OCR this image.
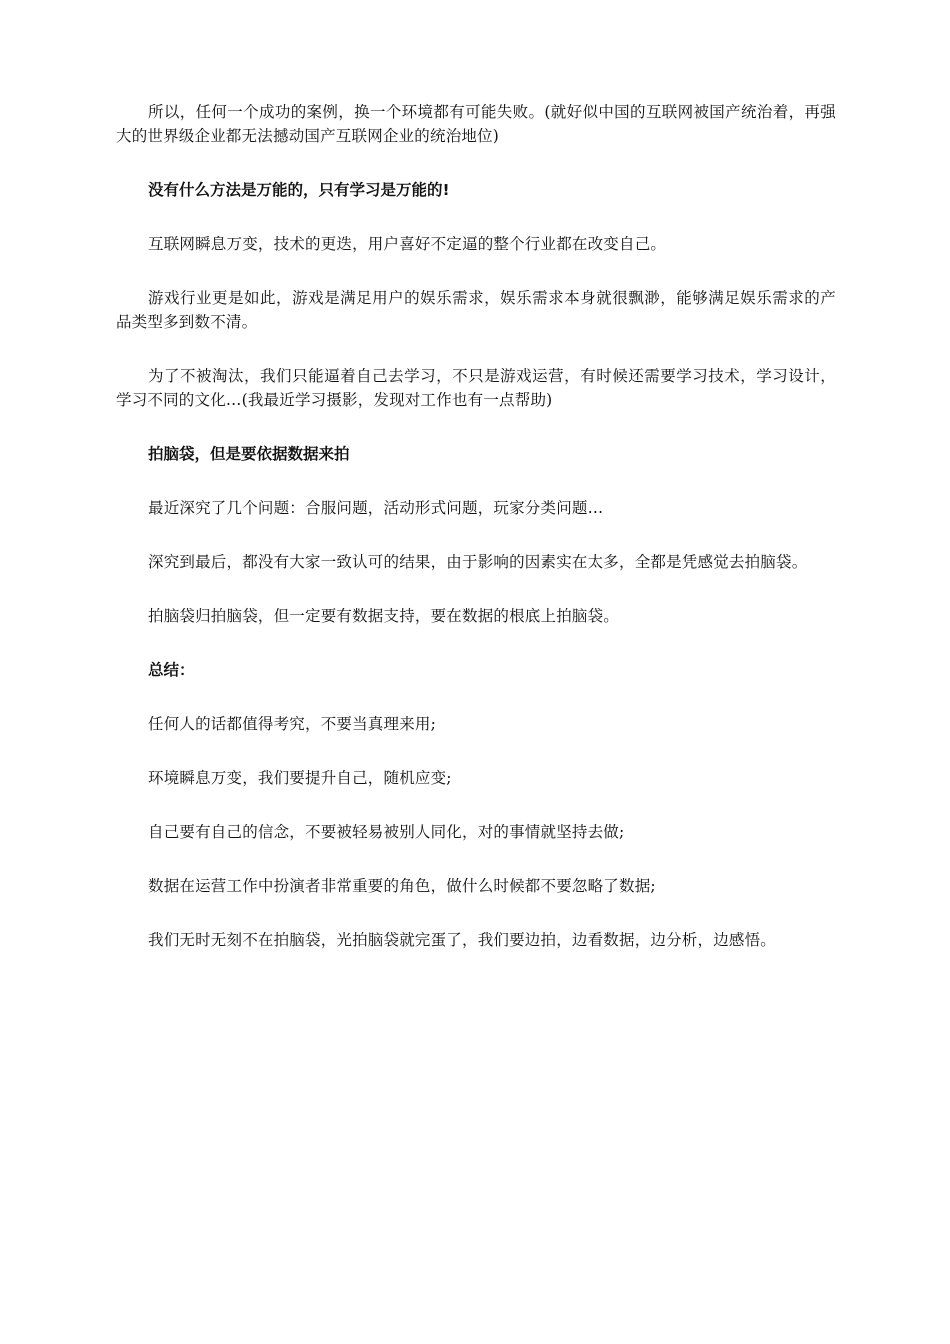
所以，任何一个成功的案例，换一个环境都有可能失败。(就好似中国的互联网被国产统治着，再强大的世界级企业都无法撼动国产互联网企业的统治地位)

没有什么方法是万能的，只有学习是万能的!

互联网瞬息万变，技术的更迭，用户喜好不定逼的整个行业都在改变自己。

游戏行业更是如此，游戏是满足用户的娱乐需求，娱乐需求本身就很飘渺，能够满足娱乐需求的产品类型多到数不清。

为了不被淘汰，我们只能逼着自己去学习，不只是游戏运营，有时候还需要学习技术，学习设计，学习不同的文化…(我最近学习摄影，发现对工作也有一点帮助)

拍脑袋，但是要依据数据来拍

最近深究了几个问题：合服问题，活动形式问题，玩家分类问题…

深究到最后，都没有大家一致认可的结果，由于影响的因素实在太多，全都是凭感觉去拍脑袋。

拍脑袋归拍脑袋，但一定要有数据支持，要在数据的根底上拍脑袋。

总结：

任何人的话都值得考究，不要当真理来用;

环境瞬息万变，我们要提升自己，随机应变;

自己要有自己的信念，不要被轻易被别人同化，对的事情就坚持去做;

数据在运营工作中扮演者非常重要的角色，做什么时候都不要忽略了数据;

我们无时无刻不在拍脑袋，光拍脑袋就完蛋了，我们要边拍，边看数据，边分析，边感悟。
